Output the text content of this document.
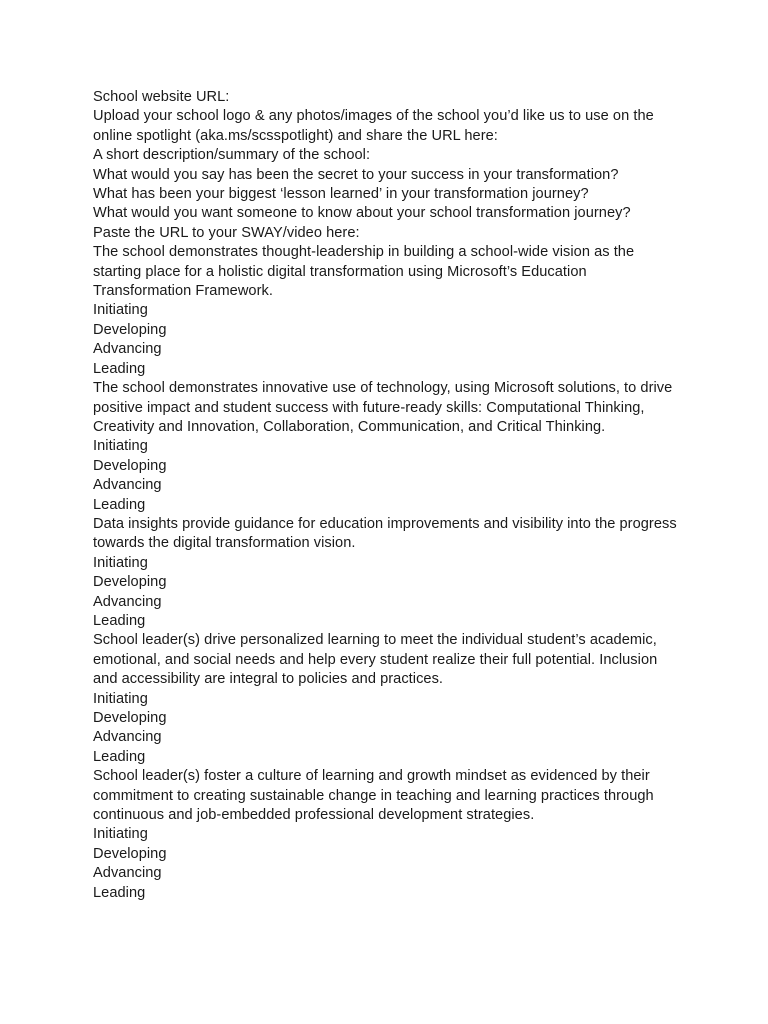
School website URL:

Upload your school logo & any photos/images of the school you’d like us to use on the online spotlight (aka.ms/scsspotlight) and share the URL here:

A short description/summary of the school:

What would you say has been the secret to your success in your transformation?

What has been your biggest ‘lesson learned’ in your transformation journey?

What would you want someone to know about your school transformation journey?

Paste the URL to your SWAY/video here:

The school demonstrates thought-leadership in building a school-wide vision as the starting place for a holistic digital transformation using Microsoft’s Education Transformation Framework.

Initiating
Developing
Advancing
Leading

The school demonstrates innovative use of technology, using Microsoft solutions, to drive positive impact and student success with future-ready skills: Computational Thinking, Creativity and Innovation, Collaboration, Communication, and Critical Thinking.

Initiating
Developing
Advancing
Leading

Data insights provide guidance for education improvements and visibility into the progress towards the digital transformation vision.

Initiating
Developing
Advancing
Leading

School leader(s) drive personalized learning to meet the individual student’s academic, emotional, and social needs and help every student realize their full potential. Inclusion and accessibility are integral to policies and practices.

Initiating
Developing
Advancing
Leading

School leader(s) foster a culture of learning and growth mindset as evidenced by their commitment to creating sustainable change in teaching and learning practices through continuous and job-embedded professional development strategies.

Initiating
Developing
Advancing
Leading
